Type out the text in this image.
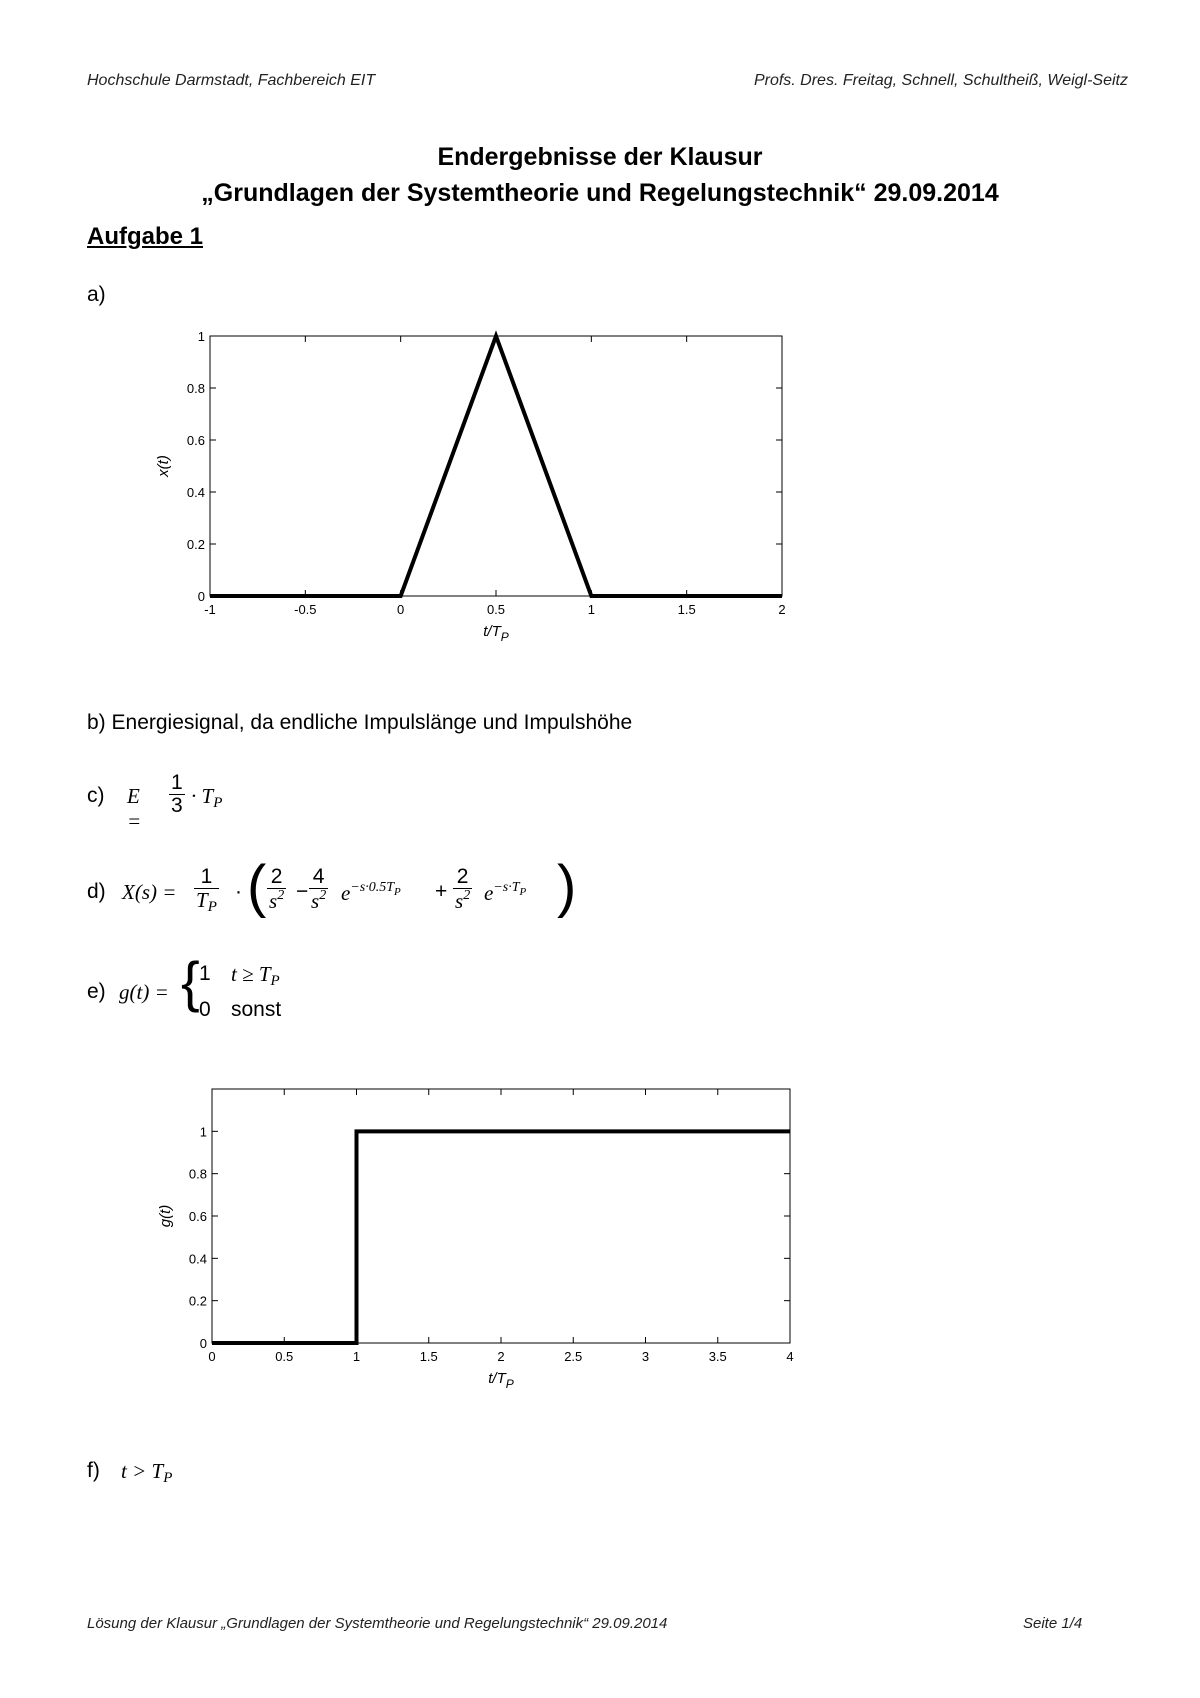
Hochschule Darmstadt, Fachbereich EIT	Profs. Dres. Freitag, Schnell, Schultheiß, Weigl-Seitz
Endergebnisse der Klausur
„Grundlagen der Systemtheorie und Regelungstechnik“ 29.09.2014
Aufgabe 1
a)
-1	-0.5	0	0.5	1	1.5	2
0
0.2
0.4
0.6
0.8
1
$t/T_P$
x(t)
0	0.5	1	1.5	2	2.5	3	3.5	4
0
0.2
0.4
0.6
0.8
1
$t/T_P$
g(t)
b) Energiesignal, da endliche Impulslänge und Impulshöhe
c) E =
$\frac{1}{3} \cdot T_P$
d) $X(s) = \frac{1}{T_P}$ · ( $\frac{2}{s^2} - \frac{4}{s^2} e^{-s\cdot 0.5TP} + \frac{2}{s^2} e^{-s\cdot TP}$ )
e) g(t) = { 1 $t \ge T_P$
0 sonst
f) $t > T_P$
Lösung der Klausur „Grundlagen der Systemtheorie und Regelungstechnik“ 29.09.2014	Seite 1/4
